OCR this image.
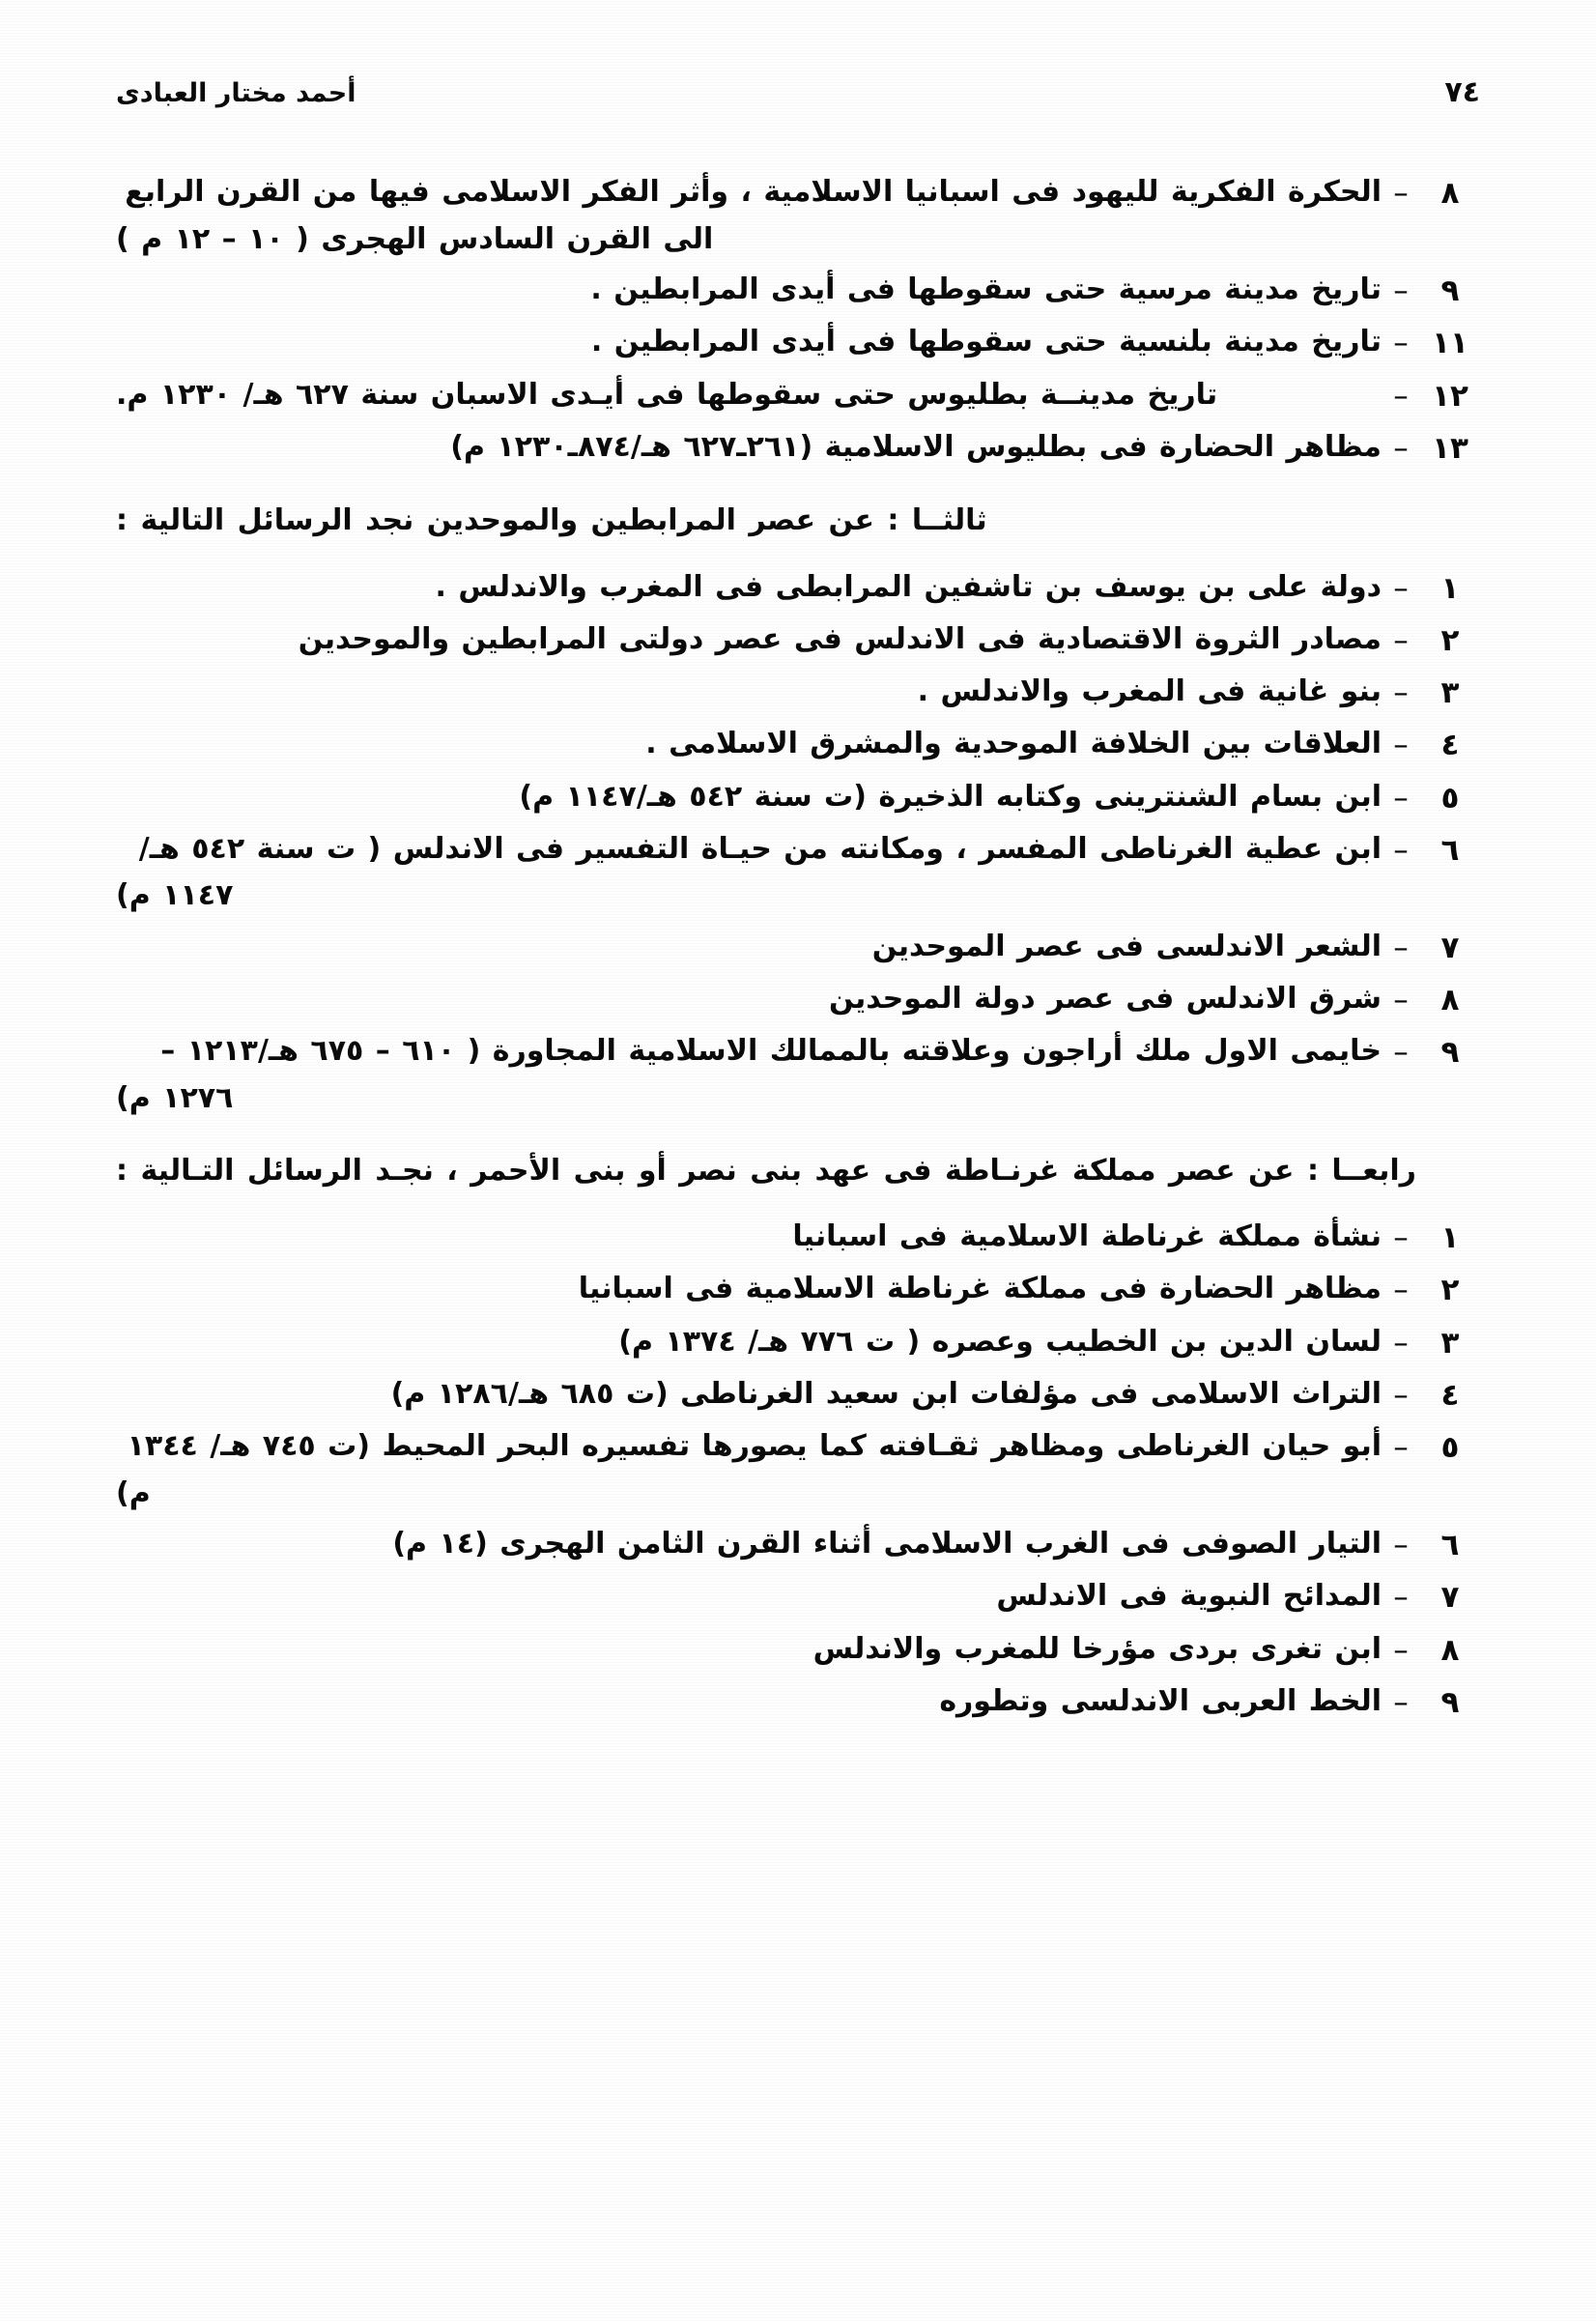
٧٤
أحمد مختار العبادى
٨
–
الحكرة الفكرية لليهود فى اسبانيا الاسلامية ، وأثر الفكر الاسلامى فيها من القرن الرابع الى القرن السادس الهجرى ( ١٠ – ١٢ م )
٩
–
تاريخ مدينة مرسية حتى سقوطها فى أيدى المرابطين .
١١
–
تاريخ مدينة بلنسية حتى سقوطها فى أيدى المرابطين .
١٢
–
تاريخ مدينــة بطليوس حتى سقوطها فى أيـدى الاسبان سنة ٦٢٧ هـ/ ١٢٣٠ م.
١٣
–
مظاهر الحضارة فى بطليوس الاسلامية (٢٦١ـ٦٢٧ هـ/٨٧٤ـ١٢٣٠ م)
ثالثــا : عن عصر المرابطين والموحدين نجد الرسائل التالية :
١
–
دولة على بن يوسف بن تاشفين المرابطى فى المغرب والاندلس .
٢
–
مصادر الثروة الاقتصادية فى الاندلس فى عصر دولتى المرابطين والموحدين
٣
–
بنو غانية فى المغرب والاندلس .
٤
–
العلاقات بين الخلافة الموحدية والمشرق الاسلامى .
٥
–
ابن بسام الشنترينى وكتابه الذخيرة (ت سنة ٥٤٢ هـ/١١٤٧ م)
٦
–
ابن عطية الغرناطى المفسر ، ومكانته من حيـاة التفسير فى الاندلس ( ت سنة ٥٤٢ هـ/١١٤٧ م)
٧
–
الشعر الاندلسى فى عصر الموحدين
٨
–
شرق الاندلس فى عصر دولة الموحدين
٩
–
خايمى الاول ملك أراجون وعلاقته بالممالك الاسلامية المجاورة ( ٦١٠ – ٦٧٥ هـ/١٢١٣ – ١٢٧٦ م)
رابعــا : عن عصر مملكة غرنـاطة فى عهد بنى نصر أو بنى الأحمر ، نجـد الرسائل التـالية :
١
–
نشأة مملكة غرناطة الاسلامية فى اسبانيا
٢
–
مظاهر الحضارة فى مملكة غرناطة الاسلامية فى اسبانيا
٣
–
لسان الدين بن الخطيب وعصره ( ت ٧٧٦ هـ/ ١٣٧٤ م)
٤
–
التراث الاسلامى فى مؤلفات ابن سعيد الغرناطى (ت ٦٨٥ هـ/١٢٨٦ م)
٥
–
أبو حيان الغرناطى ومظاهر ثقـافته كما يصورها تفسيره البحر المحيط (ت ٧٤٥ هـ/ ١٣٤٤ م)
٦
–
التيار الصوفى فى الغرب الاسلامى أثناء القرن الثامن الهجرى (١٤ م)
٧
–
المدائح النبوية فى الاندلس
٨
–
ابن تغرى بردى مؤرخا للمغرب والاندلس
٩
–
الخط العربى الاندلسى وتطوره
